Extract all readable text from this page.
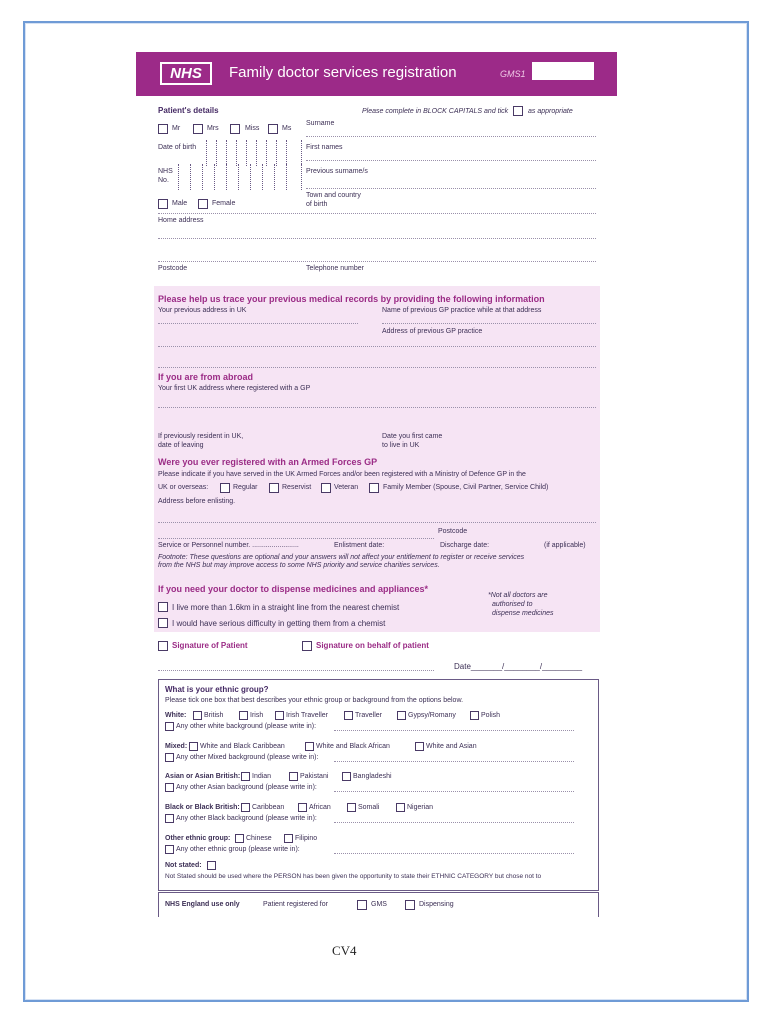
NHS	Family doctor services registration	GMS1
Patient's details	Please complete in BLOCK CAPITALS and tick	as appropriate
Mr	Mrs	Miss	Ms
Surname
Date of birth	First names
NHS
No.
Previous surname/s
Male	Female
Town and country
of birth
Home address
Postcode	Telephone number
Please help us trace your previous medical records by providing the following information
Your previous address in UK	Name of previous GP practice while at that address
Address of previous GP practice
If you are from abroad
Your first UK address where registered with a GP
If previously resident in UK,
date of leaving
Date you first came
to live in UK
Were you ever registered with an Armed Forces GP
Please indicate if you have served in the UK Armed Forces and/or been registered with a Ministry of Defence GP in the
UK or overseas:	Regular	Reservist	Veteran	Family Member (Spouse, Civil Partner, Service Child)
Address before enlisting.
Postcode
Service or Personnel number. ........................	Enlistment date:	Discharge date:	(if applicable)
Footnote: These questions are optional and your answers will not affect your entitlement to register or receive services
from the NHS but may improve access to some NHS priority and service charities services.
If you need your doctor to dispense medicines and appliances*
I live more than 1.6km in a straight line from the nearest chemist
I would have serious difficulty in getting them from a chemist
*Not all doctors are
authorised to
dispense medicines
Signature of Patient	Signature on behalf of patient
Date_______/________/_________
What is your ethnic group?
Please tick one box that best describes your ethnic group or background from the options below.
White:	British	Irish	Irish Traveller	Traveller	Gypsy/Romany	Polish
Any other white background (please write in):
Mixed: White and Black Caribbean	White and Black African	White and Asian
Any other Mixed background (please write in):
Asian or Asian British: Indian	Pakistani	Bangladeshi
Any other Asian background (please write in):
Black or Black British: Caribbean	African	Somali	Nigerian
Any other Black background (please write in):
Other ethnic group: Chinese	Filipino
Any other ethnic group (please write in):
Not stated:
Not Stated should be used where the PERSON has been given the opportunity to state their ETHNIC CATEGORY but chose not to
NHS England use only	Patient registered for	GMS	Dispensing
CV4
